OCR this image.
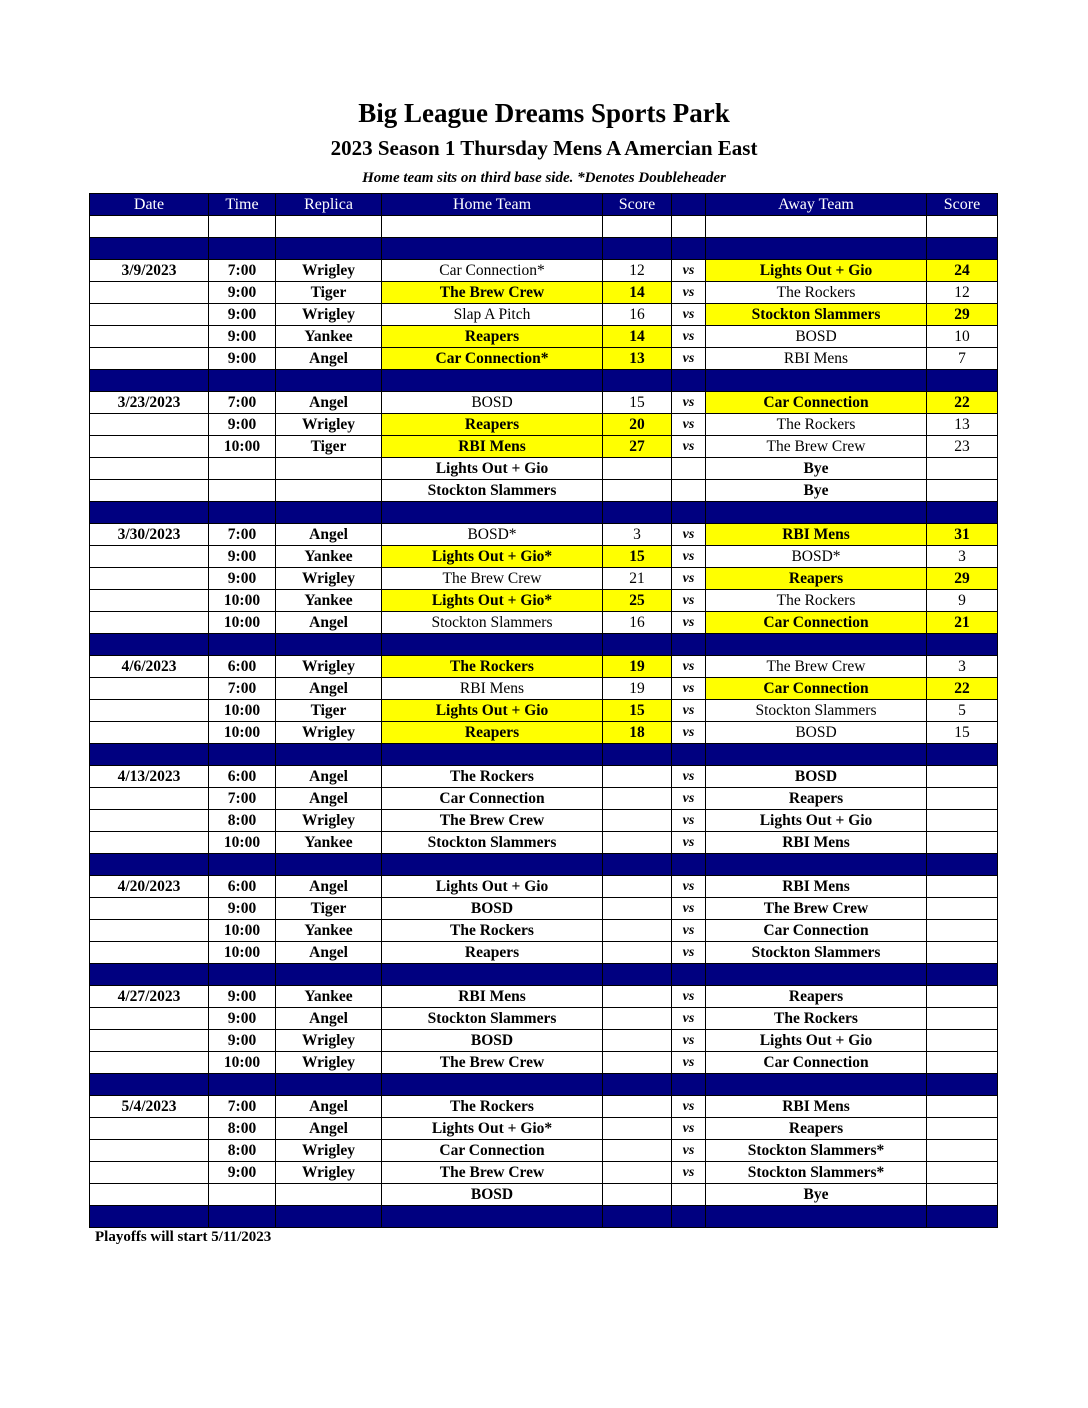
Big League Dreams Sports Park
2023 Season 1 Thursday Mens A Amercian East
Home team sits on third base side. *Denotes Doubleheader
Date	Time	Replica	Home Team	Score		Away Team	Score

3/9/2023	7:00	Wrigley	Car Connection*	12	vs	Lights Out + Gio	24
	9:00	Tiger	The Brew Crew	14	vs	The Rockers	12
	9:00	Wrigley	Slap A Pitch	16	vs	Stockton Slammers	29
	9:00	Yankee	Reapers	14	vs	BOSD	10
	9:00	Angel	Car Connection*	13	vs	RBI Mens	7

3/23/2023	7:00	Angel	BOSD	15	vs	Car Connection	22
	9:00	Wrigley	Reapers	20	vs	The Rockers	13
	10:00	Tiger	RBI Mens	27	vs	The Brew Crew	23
			Lights Out + Gio			Bye	
			Stockton Slammers			Bye	

3/30/2023	7:00	Angel	BOSD*	3	vs	RBI Mens	31
	9:00	Yankee	Lights Out + Gio*	15	vs	BOSD*	3
	9:00	Wrigley	The Brew Crew	21	vs	Reapers	29
	10:00	Yankee	Lights Out + Gio*	25	vs	The Rockers	9
	10:00	Angel	Stockton Slammers	16	vs	Car Connection	21

4/6/2023	6:00	Wrigley	The Rockers	19	vs	The Brew Crew	3
	7:00	Angel	RBI Mens	19	vs	Car Connection	22
	10:00	Tiger	Lights Out + Gio	15	vs	Stockton Slammers	5
	10:00	Wrigley	Reapers	18	vs	BOSD	15

4/13/2023	6:00	Angel	The Rockers		vs	BOSD	
	7:00	Angel	Car Connection		vs	Reapers	
	8:00	Wrigley	The Brew Crew		vs	Lights Out + Gio	
	10:00	Yankee	Stockton Slammers		vs	RBI Mens	

4/20/2023	6:00	Angel	Lights Out + Gio		vs	RBI Mens	
	9:00	Tiger	BOSD		vs	The Brew Crew	
	10:00	Yankee	The Rockers		vs	Car Connection	
	10:00	Angel	Reapers		vs	Stockton Slammers	

4/27/2023	9:00	Yankee	RBI Mens		vs	Reapers	
	9:00	Angel	Stockton Slammers		vs	The Rockers	
	9:00	Wrigley	BOSD		vs	Lights Out + Gio	
	10:00	Wrigley	The Brew Crew		vs	Car Connection	

5/4/2023	7:00	Angel	The Rockers		vs	RBI Mens	
	8:00	Angel	Lights Out + Gio*		vs	Reapers	
	8:00	Wrigley	Car Connection		vs	Stockton Slammers*	
	9:00	Wrigley	The Brew Crew		vs	Stockton Slammers*	
			BOSD			Bye	

Playoffs will start 5/11/2023
